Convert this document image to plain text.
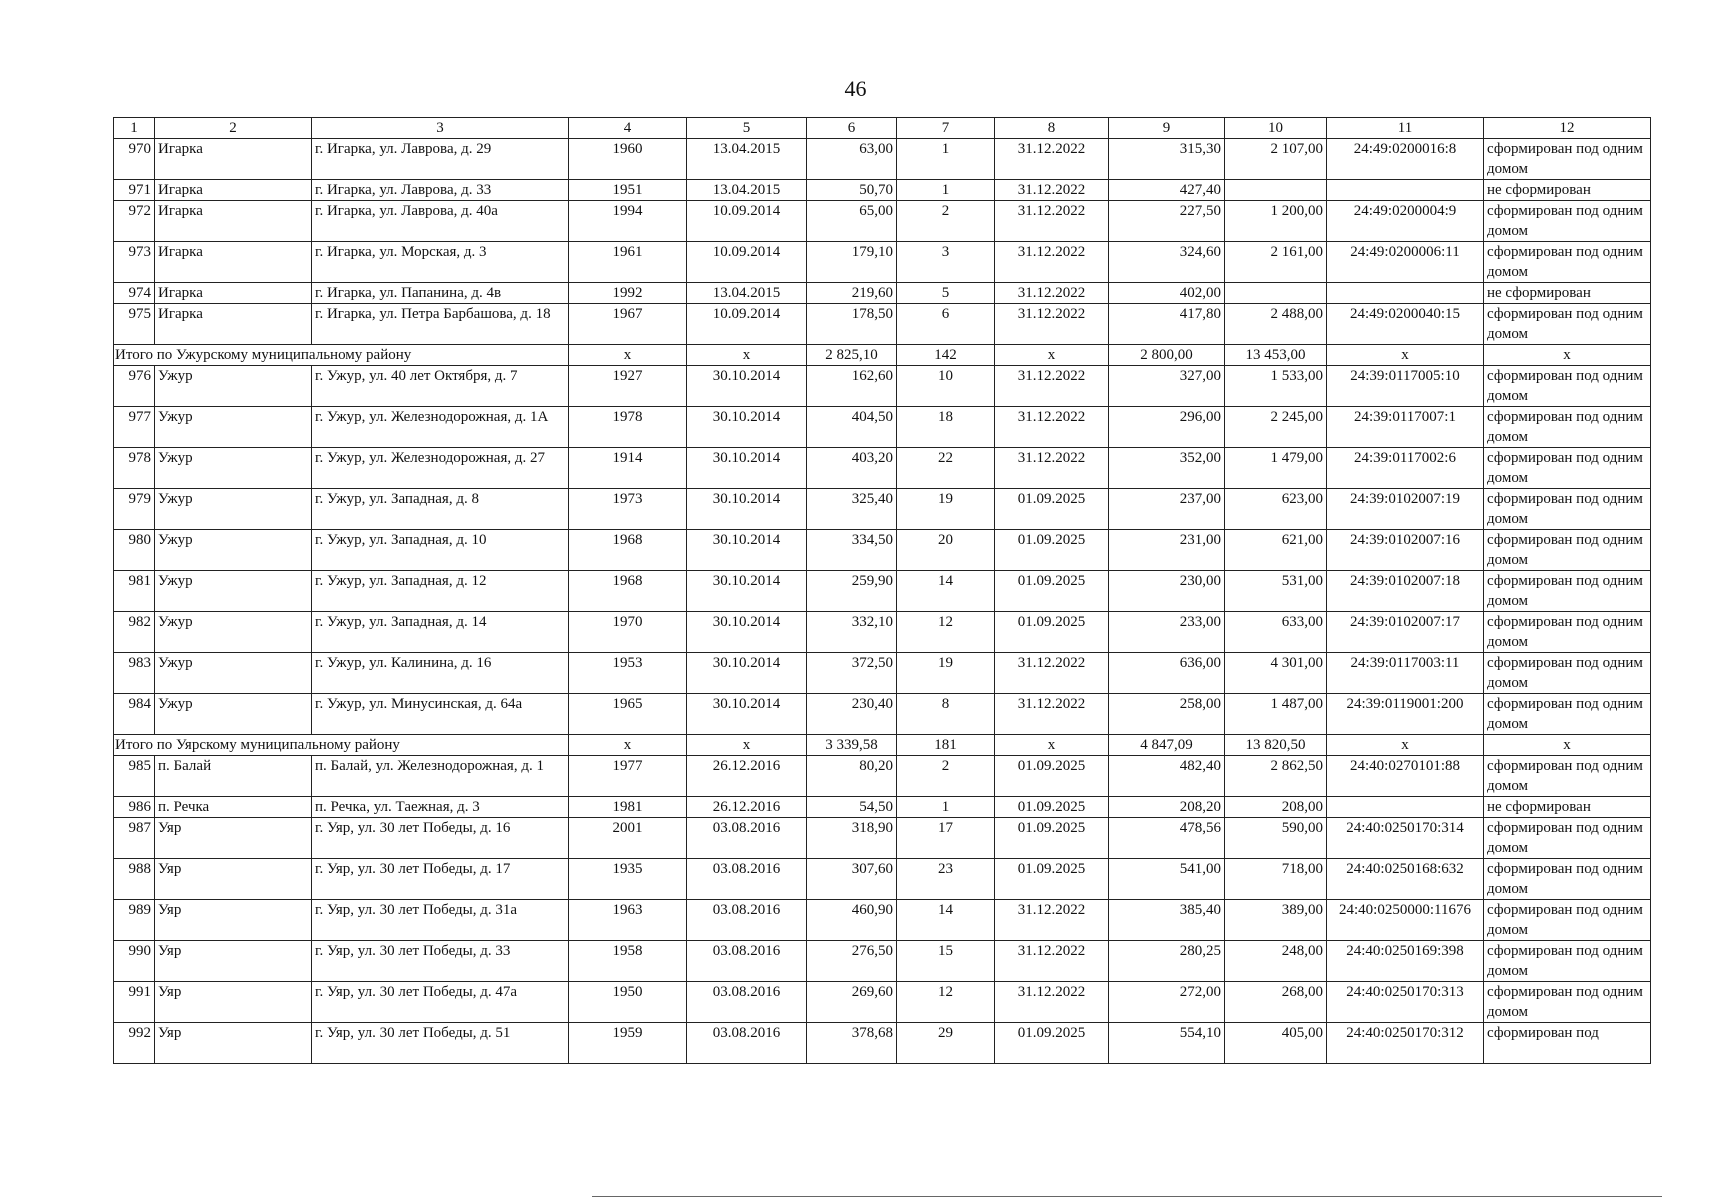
46
1	2	3	4	5	6	7	8	9	10	11	12
970	Игарка	г. Игарка, ул. Лаврова, д. 29	1960	13.04.2015	63,00	1	31.12.2022	315,30	2 107,00	24:49:0200016:8	сформирован под одним домом
971	Игарка	г. Игарка, ул. Лаврова, д. 33	1951	13.04.2015	50,70	1	31.12.2022	427,40			не сформирован
972	Игарка	г. Игарка, ул. Лаврова, д. 40а	1994	10.09.2014	65,00	2	31.12.2022	227,50	1 200,00	24:49:0200004:9	сформирован под одним домом
973	Игарка	г. Игарка, ул. Морская, д. 3	1961	10.09.2014	179,10	3	31.12.2022	324,60	2 161,00	24:49:0200006:11	сформирован под одним домом
974	Игарка	г. Игарка, ул. Папанина, д. 4в	1992	13.04.2015	219,60	5	31.12.2022	402,00			не сформирован
975	Игарка	г. Игарка, ул. Петра Барбашова, д. 18	1967	10.09.2014	178,50	6	31.12.2022	417,80	2 488,00	24:49:0200040:15	сформирован под одним домом
Итого по Ужурскому муниципальному району			х	х	2 825,10	142	х	2 800,00	13 453,00	х	х
976	Ужур	г. Ужур, ул. 40 лет Октября, д. 7	1927	30.10.2014	162,60	10	31.12.2022	327,00	1 533,00	24:39:0117005:10	сформирован под одним домом
977	Ужур	г. Ужур, ул. Железнодорожная, д. 1А	1978	30.10.2014	404,50	18	31.12.2022	296,00	2 245,00	24:39:0117007:1	сформирован под одним домом
978	Ужур	г. Ужур, ул. Железнодорожная, д. 27	1914	30.10.2014	403,20	22	31.12.2022	352,00	1 479,00	24:39:0117002:6	сформирован под одним домом
979	Ужур	г. Ужур, ул. Западная, д. 8	1973	30.10.2014	325,40	19	01.09.2025	237,00	623,00	24:39:0102007:19	сформирован под одним домом
980	Ужур	г. Ужур, ул. Западная, д. 10	1968	30.10.2014	334,50	20	01.09.2025	231,00	621,00	24:39:0102007:16	сформирован под одним домом
981	Ужур	г. Ужур, ул. Западная, д. 12	1968	30.10.2014	259,90	14	01.09.2025	230,00	531,00	24:39:0102007:18	сформирован под одним домом
982	Ужур	г. Ужур, ул. Западная, д. 14	1970	30.10.2014	332,10	12	01.09.2025	233,00	633,00	24:39:0102007:17	сформирован под одним домом
983	Ужур	г. Ужур, ул. Калинина, д. 16	1953	30.10.2014	372,50	19	31.12.2022	636,00	4 301,00	24:39:0117003:11	сформирован под одним домом
984	Ужур	г. Ужур, ул. Минусинская, д. 64а	1965	30.10.2014	230,40	8	31.12.2022	258,00	1 487,00	24:39:0119001:200	сформирован под одним домом
Итого по Уярскому муниципальному району			х	х	3 339,58	181	х	4 847,09	13 820,50	х	х
985	п. Балай	п. Балай, ул. Железнодорожная, д. 1	1977	26.12.2016	80,20	2	01.09.2025	482,40	2 862,50	24:40:0270101:88	сформирован под одним домом
986	п. Речка	п. Речка, ул. Таежная, д. 3	1981	26.12.2016	54,50	1	01.09.2025	208,20	208,00		не сформирован
987	Уяр	г. Уяр, ул. 30 лет Победы, д. 16	2001	03.08.2016	318,90	17	01.09.2025	478,56	590,00	24:40:0250170:314	сформирован под одним домом
988	Уяр	г. Уяр, ул. 30 лет Победы, д. 17	1935	03.08.2016	307,60	23	01.09.2025	541,00	718,00	24:40:0250168:632	сформирован под одним домом
989	Уяр	г. Уяр, ул. 30 лет Победы, д. 31а	1963	03.08.2016	460,90	14	31.12.2022	385,40	389,00	24:40:0250000:11676	сформирован под одним домом
990	Уяр	г. Уяр, ул. 30 лет Победы, д. 33	1958	03.08.2016	276,50	15	31.12.2022	280,25	248,00	24:40:0250169:398	сформирован под одним домом
991	Уяр	г. Уяр, ул. 30 лет Победы, д. 47а	1950	03.08.2016	269,60	12	31.12.2022	272,00	268,00	24:40:0250170:313	сформирован под одним домом
992	Уяр	г. Уяр, ул. 30 лет Победы, д. 51	1959	03.08.2016	378,68	29	01.09.2025	554,10	405,00	24:40:0250170:312	сформирован под
